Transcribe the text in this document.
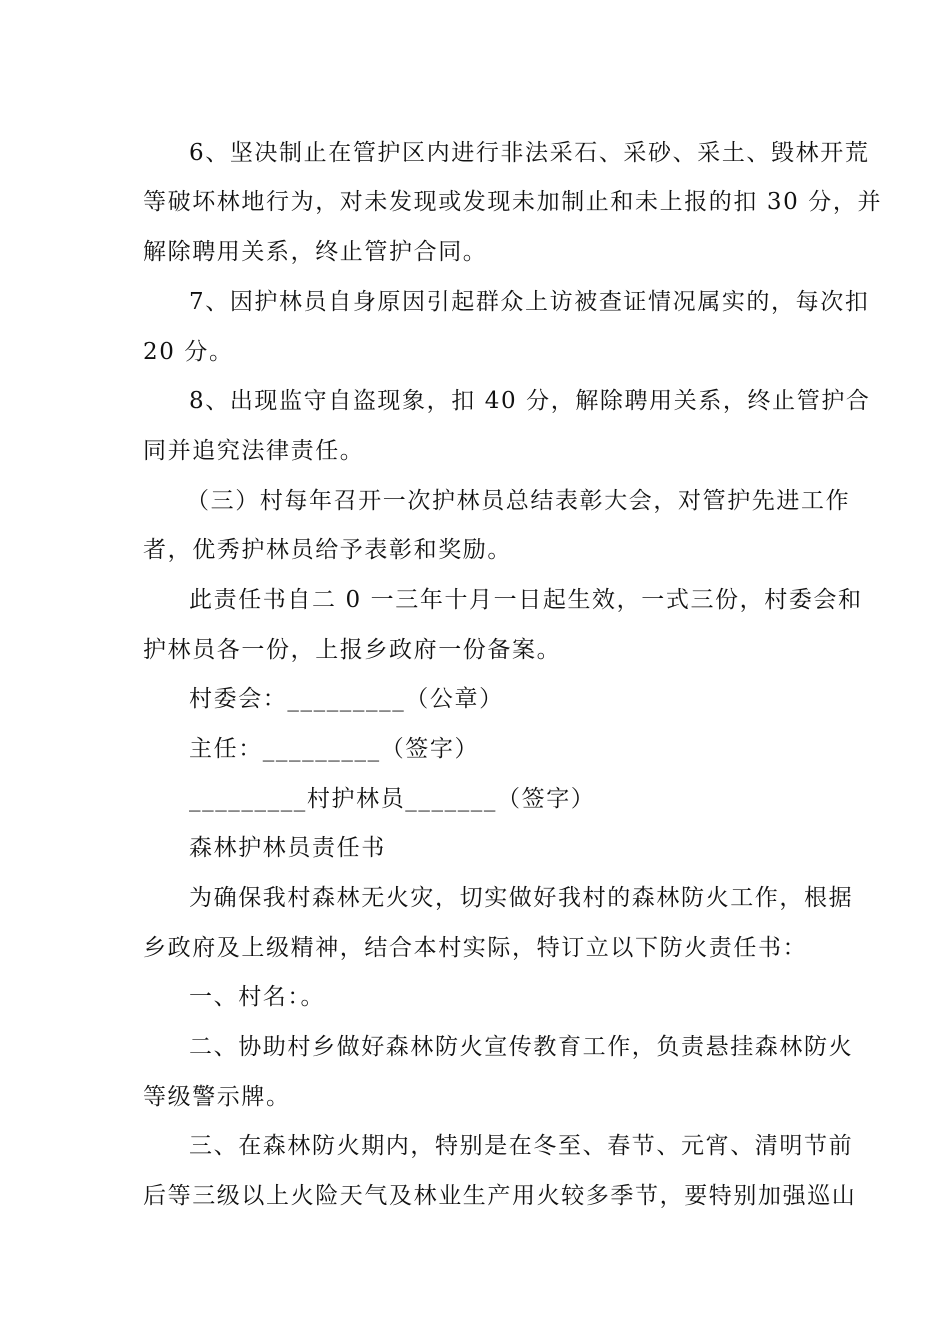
6、坚决制止在管护区内进行非法采石、采砂、采土、毁林开荒
等破坏林地行为，对未发现或发现未加制止和未上报的扣 30 分，并
解除聘用关系，终止管护合同。
7、因护林员自身原因引起群众上访被查证情况属实的，每次扣
20 分。
8、出现监守自盗现象，扣 40 分，解除聘用关系，终止管护合
同并追究法律责任。
（三）村每年召开一次护林员总结表彰大会，对管护先进工作
者，优秀护林员给予表彰和奖励。
此责任书自二 0 一三年十月一日起生效，一式三份，村委会和
护林员各一份，上报乡政府一份备案。
村委会：_________（公章）
主任：_________（签字）
_________村护林员_______（签字）
森林护林员责任书
为确保我村森林无火灾，切实做好我村的森林防火工作，根据
乡政府及上级精神，结合本村实际，特订立以下防火责任书：
一、村名：。
二、协助村乡做好森林防火宣传教育工作，负责悬挂森林防火
等级警示牌。
三、在森林防火期内，特别是在冬至、春节、元宵、清明节前
后等三级以上火险天气及林业生产用火较多季节，要特别加强巡山
